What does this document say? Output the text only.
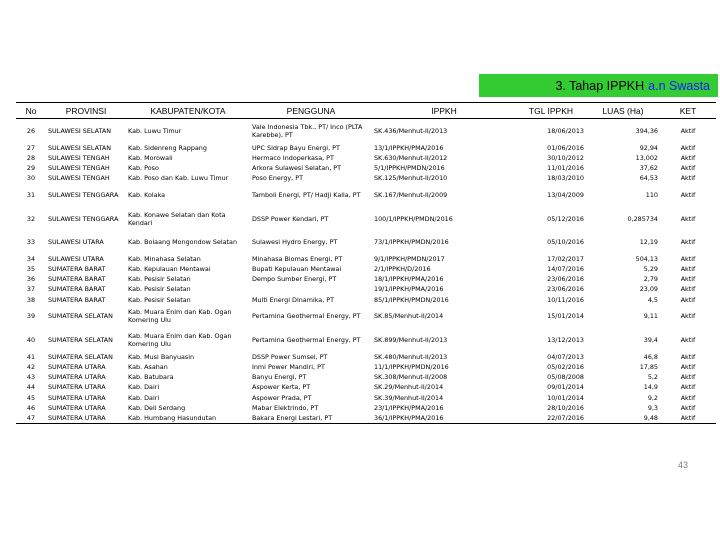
3. Tahap IPPKH a.n Swasta
No	PROVINSI	KABUPATEN/KOTA	PENGGUNA	IPPKH	TGL IPPKH	LUAS (Ha)	KET
26	SULAWESI SELATAN	Kab. Luwu Timur	Vale Indonesia Tbk., PT/ Inco (PLTA Karebbe), PT	SK.436/Menhut-II/2013	18/06/2013	394,36	Aktif
27	SULAWESI SELATAN	Kab. Sidenreng Rappang	UPC Sidrap Bayu Energi, PT	13/1/IPPKH/PMA/2016	01/06/2016	92,94	Aktif
28	SULAWESI TENGAH	Kab. Morowali	Hermaco Indoperkasa, PT	SK.630/Menhut-II/2012	30/10/2012	13,002	Aktif
29	SULAWESI TENGAH	Kab. Poso	Arkora Sulawesi Selatan, PT	5/1/IPPKH/PMDN/2016	11/01/2016	37,62	Aktif
30	SULAWESI TENGAH	Kab. Poso dan Kab. Luwu Timur	Poso Energy, PT	SK.125/Menhut-II/2010	18/03/2010	64,53	Aktif
31	SULAWESI TENGGARA	Kab. Kolaka	Tamboli Energi, PT/ Hadji Kalla, PT	SK.167/Menhut-II/2009	13/04/2009	110	Aktif
32	SULAWESI TENGGARA	Kab. Konawe Selatan dan Kota Kendari	DSSP Power Kendari, PT	100/1/IPPKH/PMDN/2016	05/12/2016	0,285734	Aktif
33	SULAWESI UTARA	Kab. Bolaang Mongondow Selatan	Sulawesi Hydro Energy, PT	73/1/IPPKH/PMDN/2016	05/10/2016	12,19	Aktif
34	SULAWESI UTARA	Kab. Minahasa Selatan	Minahasa Biomas Energi, PT	9/1/IPPKH/PMDN/2017	17/02/2017	504,13	Aktif
35	SUMATERA BARAT	Kab. Kepulauan Mentawai	Bupati Kepulauan Mentawai	2/1/IPPKH/D/2016	14/07/2016	5,29	Aktif
36	SUMATERA BARAT	Kab. Pesisir Selatan	Dempo Sumber Energi, PT	18/1/IPPKH/PMA/2016	23/06/2016	2,79	Aktif
37	SUMATERA BARAT	Kab. Pesisir Selatan		19/1/IPPKH/PMA/2016	23/06/2016	23,09	Aktif
38	SUMATERA BARAT	Kab. Pesisir Selatan	Multi Energi Dinamika, PT	85/1/IPPKH/PMDN/2016	10/11/2016	4,5	Aktif
39	SUMATERA SELATAN	Kab. Muara Enim dan Kab. Ogan Komering Ulu	Pertamina Geothermal Energy, PT	SK.85/Menhut-II/2014	15/01/2014	9,11	Aktif
40	SUMATERA SELATAN	Kab. Muara Enim dan Kab. Ogan Komering Ulu	Pertamina Geothermal Energy, PT	SK.899/Menhut-II/2013	13/12/2013	39,4	Aktif
41	SUMATERA SELATAN	Kab. Musi Banyuasin	DSSP Power Sumsel, PT	SK.480/Menhut-II/2013	04/07/2013	46,8	Aktif
42	SUMATERA UTARA	Kab. Asahan	Inmi Power Mandiri, PT	11/1/IPPKH/PMDN/2016	05/02/2016	17,85	Aktif
43	SUMATERA UTARA	Kab. Batubara	Banyu Energi, PT	SK.308/Menhut-II/2008	05/08/2008	5,2	Aktif
44	SUMATERA UTARA	Kab. Dairi	Aspower Kerta, PT	SK.29/Menhut-II/2014	09/01/2014	14,9	Aktif
45	SUMATERA UTARA	Kab. Dairi	Aspower Prada, PT	SK.39/Menhut-II/2014	10/01/2014	9,2	Aktif
46	SUMATERA UTARA	Kab. Deli Serdang	Mabar Elektrindo, PT	23/1/IPPKH/PMA/2016	28/10/2016	9,3	Aktif
47	SUMATERA UTARA	Kab. Humbang Hasundutan	Bakara Energi Lestari, PT	36/1/IPPKH/PMA/2016	22/07/2016	9,48	Aktif
43
